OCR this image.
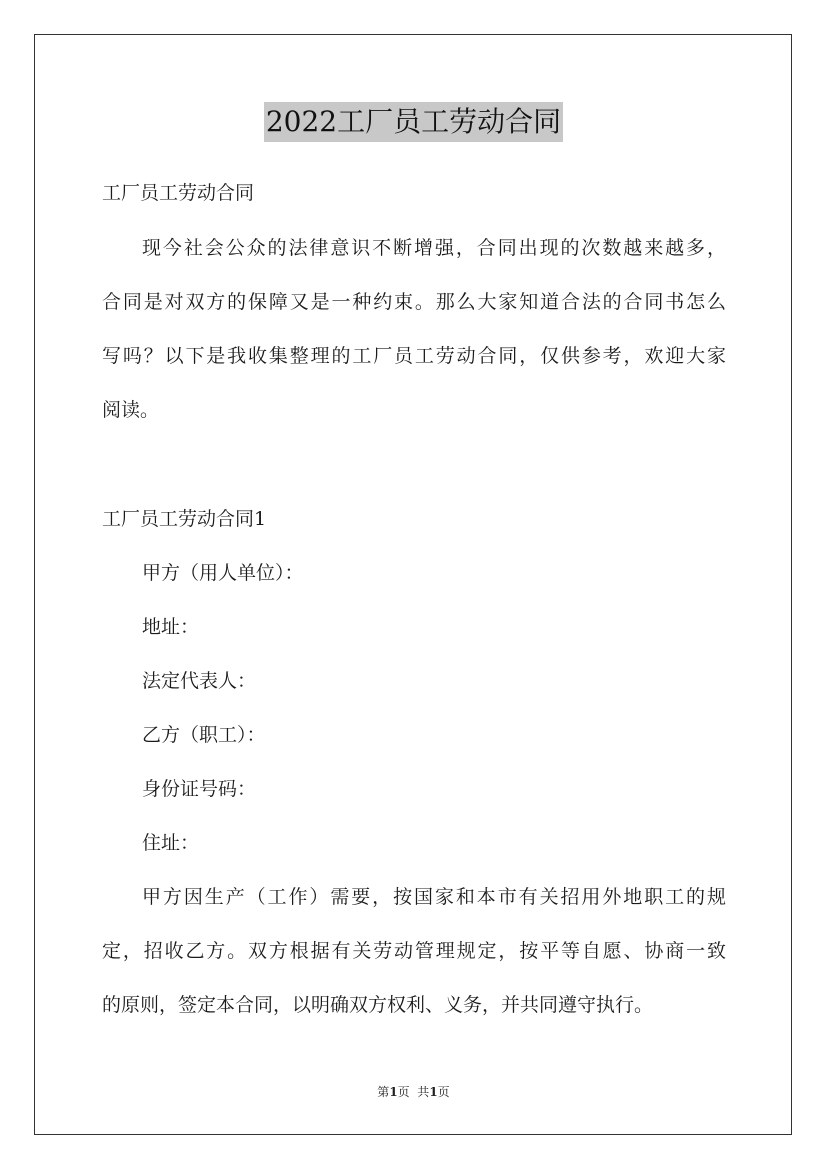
2022工厂员工劳动合同
工厂员工劳动合同
现今社会公众的法律意识不断增强，合同出现的次数越来越多，
合同是对双方的保障又是一种约束。那么大家知道合法的合同书怎么
写吗？以下是我收集整理的工厂员工劳动合同，仅供参考，欢迎大家
阅读。
工厂员工劳动合同1
甲方（用人单位）：
地址：
法定代表人：
乙方（职工）：
身份证号码：
住址：
甲方因生产（工作）需要，按国家和本市有关招用外地职工的规
定，招收乙方。双方根据有关劳动管理规定，按平等自愿、协商一致
的原则，签定本合同，以明确双方权利、义务，并共同遵守执行。
第1页  共1页
